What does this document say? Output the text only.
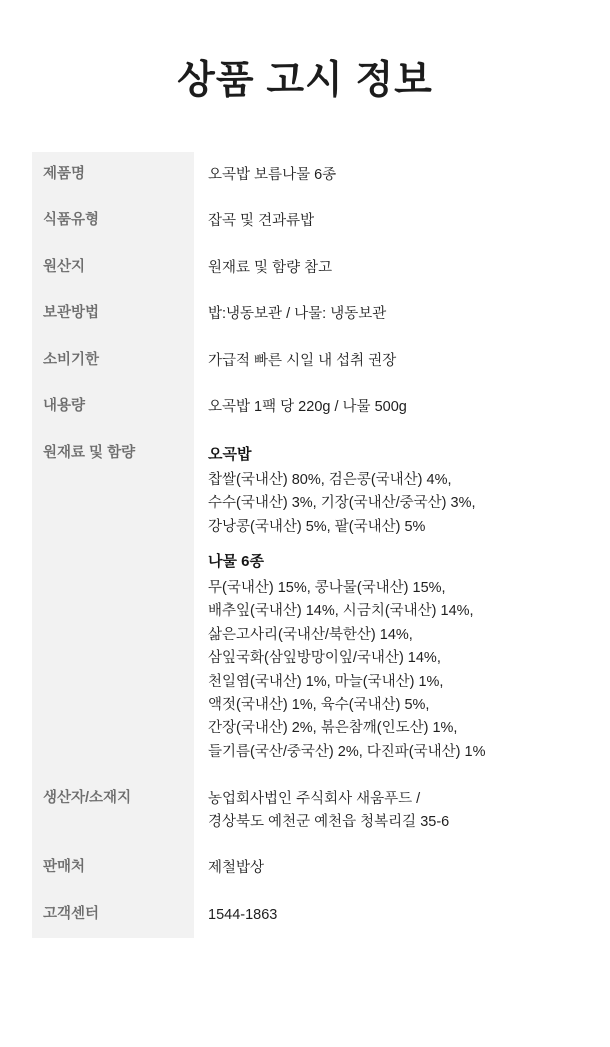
상품 고시 정보
제품명	오곡밥 보름나물 6종
식품유형	잡곡 및 견과류밥
원산지	원재료 및 함량 참고
보관방법	밥:냉동보관 / 나물: 냉동보관
소비기한	가급적 빠른 시일 내 섭취 권장
내용량	오곡밥 1팩 당 220g / 나물 500g
원재료 및 함량	오곡밥
찹쌀(국내산) 80%, 검은콩(국내산) 4%,
수수(국내산) 3%, 기장(국내산/중국산) 3%,
강낭콩(국내산) 5%, 팥(국내산) 5%
나물 6종
무(국내산) 15%, 콩나물(국내산) 15%,
배추잎(국내산) 14%, 시금치(국내산) 14%,
삶은고사리(국내산/북한산) 14%,
삼잎국화(삼잎방망이잎/국내산) 14%,
천일염(국내산) 1%, 마늘(국내산) 1%,
액젓(국내산) 1%, 육수(국내산) 5%,
간장(국내산) 2%, 볶은참깨(인도산) 1%,
들기름(국산/중국산) 2%, 다진파(국내산) 1%
생산자/소재지	농업회사법인 주식회사 새움푸드 /
경상북도 예천군 예천읍 청복리길 35-6
판매처	제철밥상
고객센터	1544-1863
